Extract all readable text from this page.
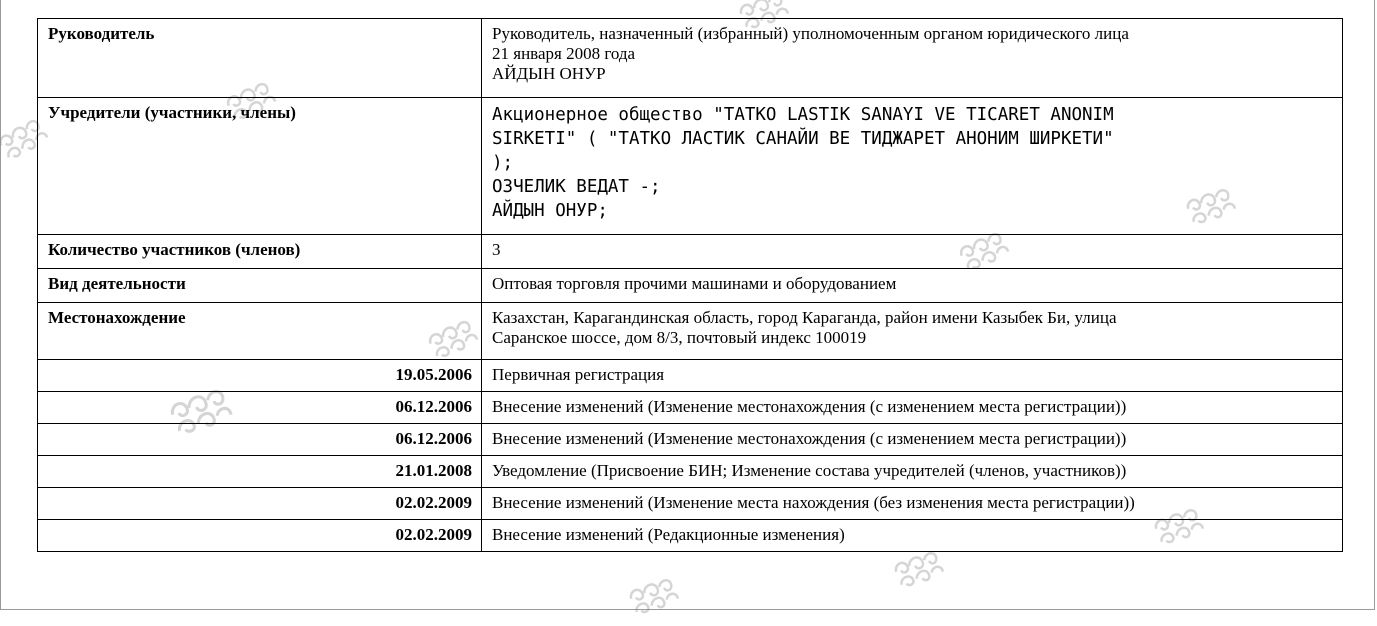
Руководитель	Руководитель, назначенный (избранный) уполномоченным органом юридического лица
21 января 2008 года
АЙДЫН ОНУР

Учредители (участники, члены)	Акционерное общество "TATKO LASTIK SANAYI VE TICARET ANONIM
SIRKETI" ( "ТАТКО ЛАСТИК САНАЙИ ВЕ ТИДЖАРЕТ АНОНИМ ШИРКЕТИ"
);
ОЗЧЕЛИК ВЕДАТ -;
АЙДЫН ОНУР;

Количество участников (членов)	3
Вид деятельности	Оптовая торговля прочими машинами и оборудованием
Местонахождение	Казахстан, Карагандинская область, город Караганда, район имени Казыбек Би, улица
Саранское шоссе, дом 8/3, почтовый индекс 100019

19.05.2006	Первичная регистрация
06.12.2006	Внесение изменений (Изменение местонахождения (с изменением места регистрации))
06.12.2006	Внесение изменений (Изменение местонахождения (с изменением места регистрации))
21.01.2008	Уведомление (Присвоение БИН; Изменение состава учредителей (членов, участников))
02.02.2009	Внесение изменений (Изменение места нахождения (без изменения места регистрации))
02.02.2009	Внесение изменений (Редакционные изменения)
